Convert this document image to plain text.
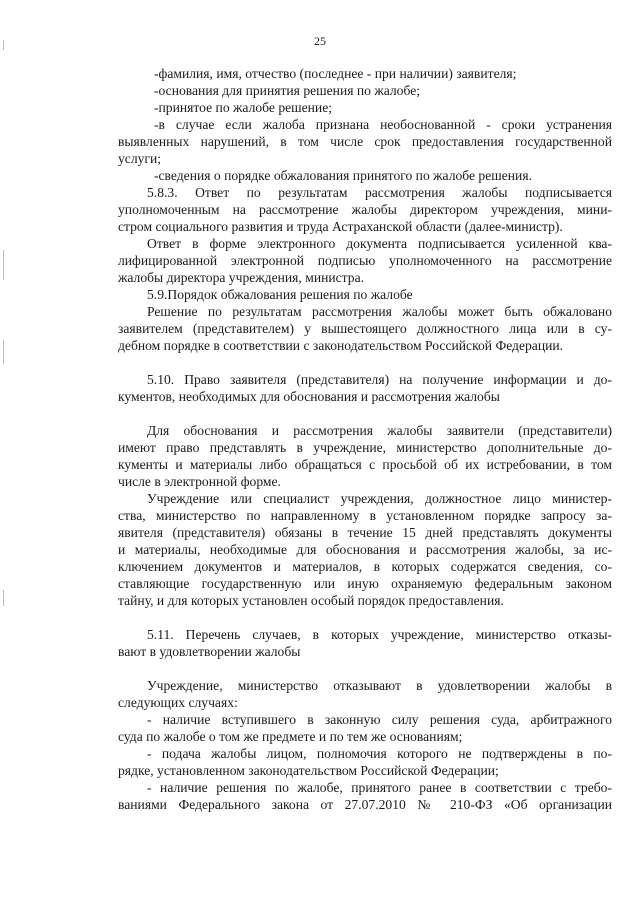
25
-фамилия, имя, отчество (последнее - при наличии) заявителя;
-основания для принятия решения по жалобе;
-принятое по жалобе решение;
-в случае если жалоба признана необоснованной - сроки устранения
выявленных нарушений, в том числе срок предоставления государственной
услуги;
-сведения о порядке обжалования принятого по жалобе решения.
5.8.3. Ответ по результатам рассмотрения жалобы подписывается
уполномоченным на рассмотрение жалобы директором учреждения, мини-
стром социального развития и труда Астраханской области (далее-министр).
Ответ в форме электронного документа подписывается усиленной ква-
лифицированной электронной подписью уполномоченного на рассмотрение
жалобы директора учреждения, министра.
5.9.Порядок обжалования решения по жалобе
Решение по результатам рассмотрения жалобы может быть обжаловано
заявителем (представителем) у вышестоящего должностного лица или в су-
дебном порядке в соответствии с законодательством Российской Федерации.
5.10. Право заявителя (представителя) на получение информации и до-
кументов, необходимых для обоснования и рассмотрения жалобы
Для обоснования и рассмотрения жалобы заявители (представители)
имеют право представлять в учреждение, министерство дополнительные до-
кументы и материалы либо обращаться с просьбой об их истребовании, в том
числе в электронной форме.
Учреждение или специалист учреждения, должностное лицо министер-
ства, министерство по направленному в установленном порядке запросу за-
явителя (представителя) обязаны в течение 15 дней представлять документы
и материалы, необходимые для обоснования и рассмотрения жалобы, за ис-
ключением документов и материалов, в которых содержатся сведения, со-
ставляющие государственную или иную охраняемую федеральным законом
тайну, и для которых установлен особый порядок предоставления.
5.11. Перечень случаев, в которых учреждение, министерство отказы-
вают в удовлетворении жалобы
Учреждение, министерство отказывают в удовлетворении жалобы в
следующих случаях:
- наличие вступившего в законную силу решения суда, арбитражного
суда по жалобе о том же предмете и по тем же основаниям;
- подача жалобы лицом, полномочия которого не подтверждены в по-
рядке, установленном законодательством Российской Федерации;
- наличие решения по жалобе, принятого ранее в соответствии с требо-
ваниями Федерального закона от 27.07.2010 № 210-ФЗ «Об организации
